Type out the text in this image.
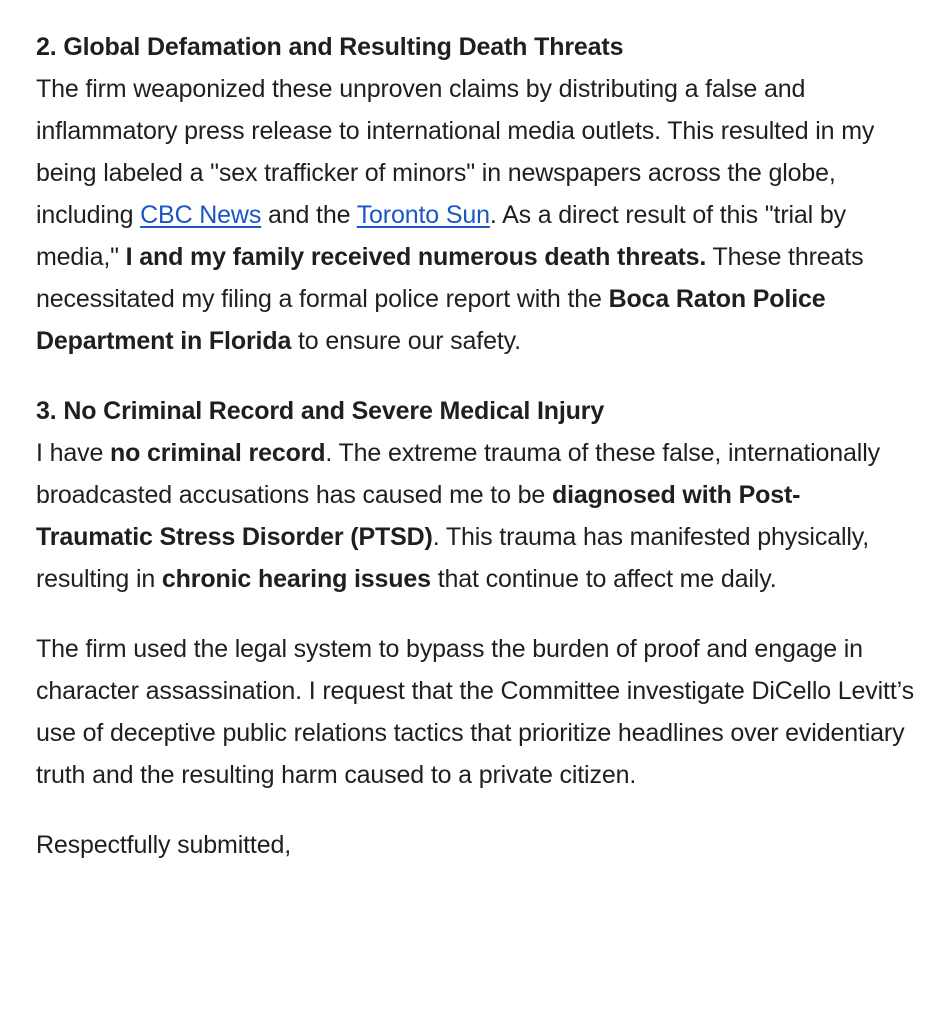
2. Global Defamation and Resulting Death Threats

The firm weaponized these unproven claims by distributing a false and inflammatory press release to international media outlets. This resulted in my being labeled a "sex trafficker of minors" in newspapers across the globe, including CBC News and the Toronto Sun. As a direct result of this "trial by media," I and my family received numerous death threats. These threats necessitated my filing a formal police report with the Boca Raton Police Department in Florida to ensure our safety.

3. No Criminal Record and Severe Medical Injury

I have no criminal record. The extreme trauma of these false, internationally broadcasted accusations has caused me to be diagnosed with Post-Traumatic Stress Disorder (PTSD). This trauma has manifested physically, resulting in chronic hearing issues that continue to affect me daily.

The firm used the legal system to bypass the burden of proof and engage in character assassination. I request that the Committee investigate DiCello Levitt’s use of deceptive public relations tactics that prioritize headlines over evidentiary truth and the resulting harm caused to a private citizen.

Respectfully submitted,
